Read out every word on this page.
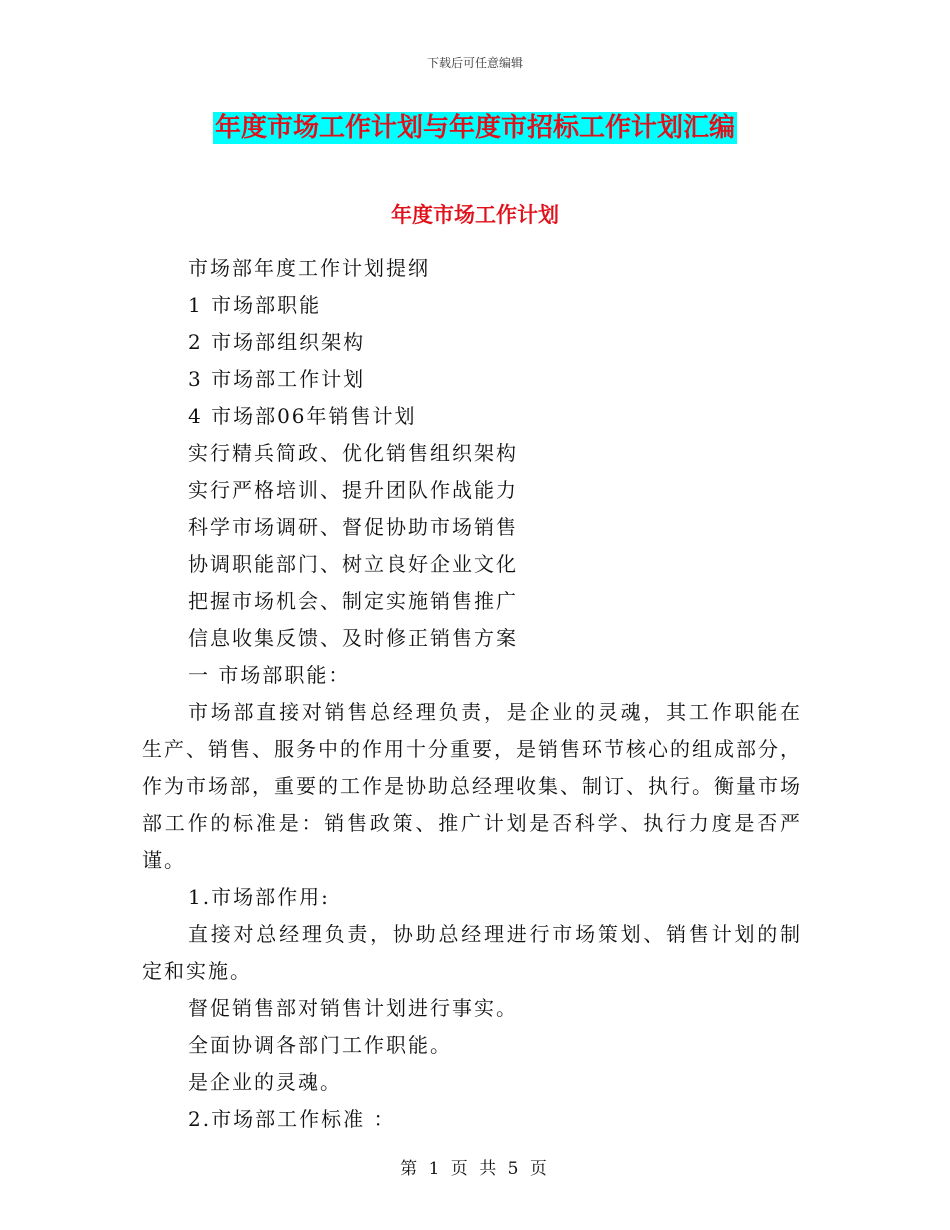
下载后可任意编辑
年度市场工作计划与年度市招标工作计划汇编
年度市场工作计划
市场部年度工作计划提纲
1 市场部职能
2 市场部组织架构
3 市场部工作计划
4 市场部06年销售计划
实行精兵简政、优化销售组织架构
实行严格培训、提升团队作战能力
科学市场调研、督促协助市场销售
协调职能部门、树立良好企业文化
把握市场机会、制定实施销售推广
信息收集反馈、及时修正销售方案
一 市场部职能：

市场部直接对销售总经理负责，是企业的灵魂，其工作职能在生产、销售、服务中的作用十分重要，是销售环节核心的组成部分，作为市场部，重要的工作是协助总经理收集、制订、执行。衡量市场部工作的标准是：销售政策、推广计划是否科学、执行力度是否严谨。

1.市场部作用:

直接对总经理负责，协助总经理进行市场策划、销售计划的制定和实施。

督促销售部对销售计划进行事实。
全面协调各部门工作职能。
是企业的灵魂。
2.市场部工作标准 ：
第 1 页 共 5 页
